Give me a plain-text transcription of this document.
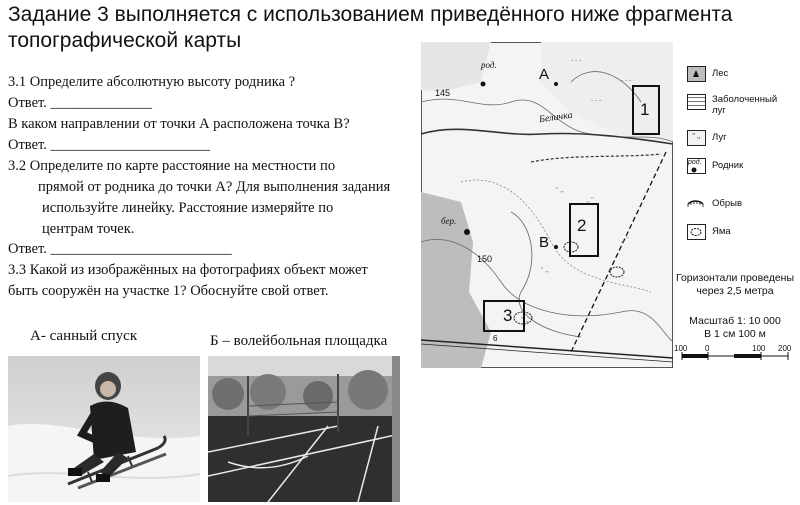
Задание 3 выполняется с использованием приведённого ниже фрагмента
топографической карты
3.1 Определите абсолютную высоту родника ?
Ответ. ______________
В каком направлении от точки А расположена точка В?
Ответ. ______________________
3.2 Определите по карте расстояние на местности по
прямой от родника до точки А? Для выполнения задания
используйте линейку. Расстояние измеряйте по
центрам точек.
Ответ. _________________________
3.3 Какой из изображённых на фотографиях объект может
быть сооружён на участке 1? Обоснуйте свой ответ.
А- санный спуск	Б – волейбольная площадка
'' ,,
,, ''
'' ,,
,, ''
'' ,,
- - -
- - -
- - -
род.
бер.
Беличка
145
150
А
В
1
2
3
6
Лес
Заболоченный луг
'' ,,	Луг
род.	Родник
Обрыв
Яма
Горизонтали проведены
через 2,5 метра
Масштаб 1: 10 000
В 1 см 100 м
100 0	100 200
